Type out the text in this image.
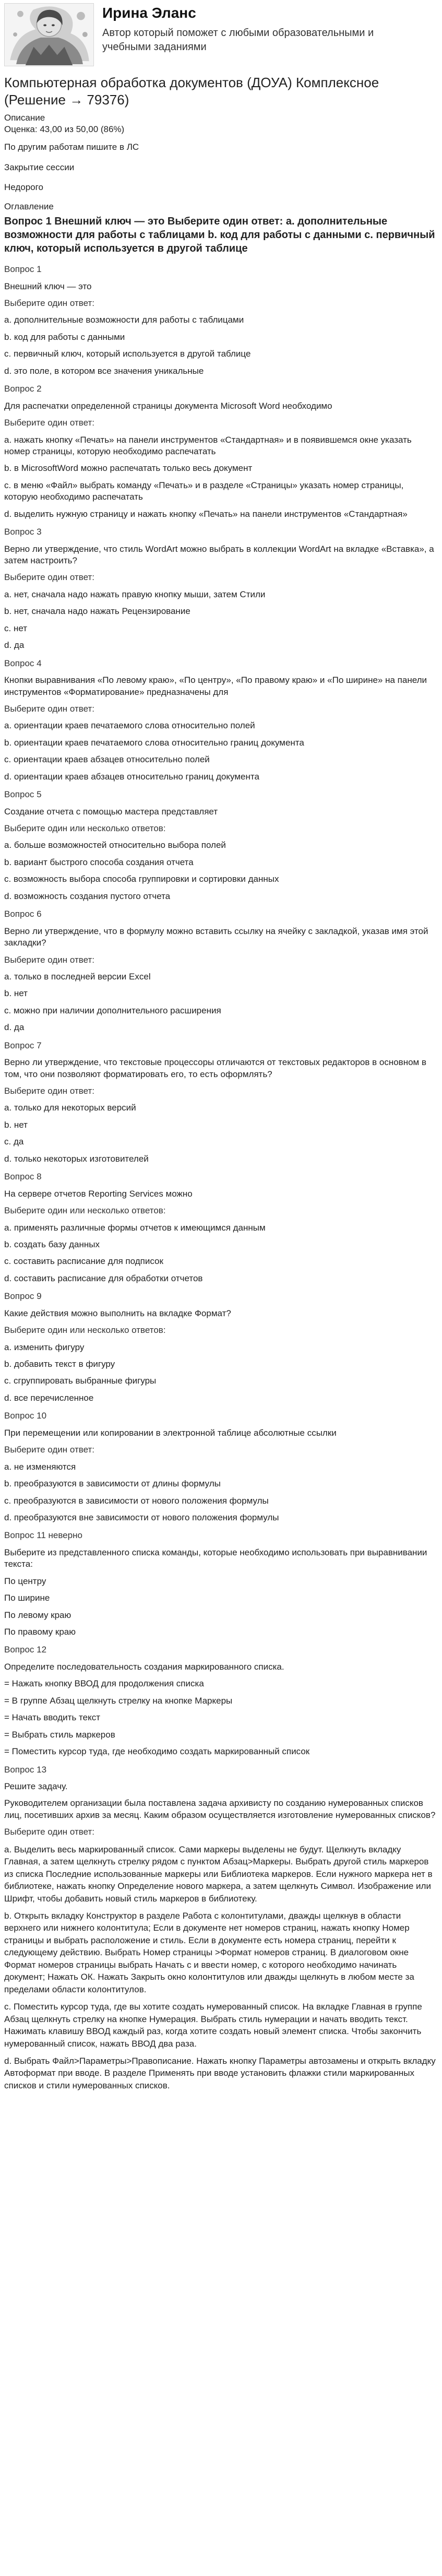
Ирина Эланс
Автор который поможет с любыми образовательными и учебными заданиями
Компьютерная обработка документов (ДОУА) Комплексное (Решение → 79376)
Описание
Оценка: 43,00 из 50,00 (86%)
По другим работам пишите в ЛС
Закрытие сессии
Недорого
Оглавление
Вопрос 1 Внешний ключ — это Выберите один ответ: a. дополнительные возможности для работы с таблицами b. код для работы с данными c. первичный ключ, который используется в другой таблице
Вопрос 1
Внешний ключ — это
Выберите один ответ:
a. дополнительные возможности для работы с таблицами
b. код для работы с данными
c. первичный ключ, который используется в другой таблице
d. это поле, в котором все значения уникальные
Вопрос 2
Для распечатки определенной страницы документа Microsoft Word необходимо
Выберите один ответ:
a. нажать кнопку «Печать» на панели инструментов «Стандартная» и в появившемся окне указать номер страницы, которую необходимо распечатать
b. в MicrosoftWord можно распечатать только весь документ
c. в меню «Файл» выбрать команду «Печать» и в разделе «Страницы» указать номер страницы, которую необходимо распечатать
d. выделить нужную страницу и нажать кнопку «Печать» на панели инструментов «Стандартная»
Вопрос 3
Верно ли утверждение, что стиль WordArt можно выбрать в коллекции WordArt на вкладке «Вставка», а затем настроить?
Выберите один ответ:
a. нет, сначала надо нажать правую кнопку мыши, затем Стили
b. нет, сначала надо нажать Рецензирование
c. нет
d. да
Вопрос 4
Кнопки выравнивания «По левому краю», «По центру», «По правому краю» и «По ширине» на панели инструментов «Форматирование» предназначены для
Выберите один ответ:
a. ориентации краев печатаемого слова относительно полей
b. ориентации краев печатаемого слова относительно границ документа
c. ориентации краев абзацев относительно полей
d. ориентации краев абзацев относительно границ документа
Вопрос 5
Создание отчета с помощью мастера представляет
Выберите один или несколько ответов:
a. больше возможностей относительно выбора полей
b. вариант быстрого способа создания отчета
c. возможность выбора способа группировки и сортировки данных
d. возможность создания пустого отчета
Вопрос 6
Верно ли утверждение, что в формулу можно вставить ссылку на ячейку с закладкой, указав имя этой закладки?
Выберите один ответ:
a. только в последней версии Excel
b. нет
c. можно при наличии дополнительного расширения
d. да
Вопрос 7
Верно ли утверждение, что текстовые процессоры отличаются от текстовых редакторов в основном в том, что они позволяют форматировать его, то есть оформлять?
Выберите один ответ:
a. только для некоторых версий
b. нет
c. да
d. только некоторых изготовителей
Вопрос 8
На сервере отчетов Reporting Services можно
Выберите один или несколько ответов:
a. применять различные формы отчетов к имеющимся данным
b. создать базу данных
c. составить расписание для подписок
d. составить расписание для обработки отчетов
Вопрос 9
Какие действия можно выполнить на вкладке Формат?
Выберите один или несколько ответов:
a. изменить фигуру
b. добавить текст в фигуру
c. сгруппировать выбранные фигуры
d. все перечисленное
Вопрос 10
При перемещении или копировании в электронной таблице абсолютные ссылки
Выберите один ответ:
a. не изменяются
b. преобразуются в зависимости от длины формулы
c. преобразуются в зависимости от нового положения формулы
d. преобразуются вне зависимости от нового положения формулы
Вопрос 11 неверно
Выберите из представленного списка команды, которые необходимо использовать при выравнивании текста:
По центру
По ширине
По левому краю
По правому краю
Вопрос 12
Определите последовательность создания маркированного списка.
= Нажать кнопку ВВОД для продолжения списка
= В группе Абзац щелкнуть стрелку на кнопке Маркеры
= Начать вводить текст
= Выбрать стиль маркеров
= Поместить курсор туда, где необходимо создать маркированный список
Вопрос 13
Решите задачу.
Руководителем организации была поставлена задача архивисту по созданию нумерованных списков лиц, посетивших архив за месяц. Каким образом осуществляется изготовление нумерованных списков?
Выберите один ответ:
a. Выделить весь маркированный список. Сами маркеры выделены не будут. Щелкнуть вкладку Главная, а затем щелкнуть стрелку рядом с пунктом Абзац>Маркеры. Выбрать другой стиль маркеров из списка Последние использованные маркеры или Библиотека маркеров. Если нужного маркера нет в библиотеке, нажать кнопку Определение нового маркера, а затем щелкнуть Символ. Изображение или Шрифт, чтобы добавить новый стиль маркеров в библиотеку.
b. Открыть вкладку Конструктор в разделе Работа с колонтитулами, дважды щелкнув в области верхнего или нижнего колонтитула; Если в документе нет номеров страниц, нажать кнопку Номер страницы и выбрать расположение и стиль. Если в документе есть номера страниц, перейти к следующему действию. Выбрать Номер страницы >Формат номеров страниц. В диалоговом окне Формат номеров страницы выбрать Начать с и ввести номер, с которого необходимо начинать документ; Нажать ОК. Нажать Закрыть окно колонтитулов или дважды щелкнуть в любом месте за пределами области колонтитулов.
c. Поместить курсор туда, где вы хотите создать нумерованный список. На вкладке Главная в группе Абзац щелкнуть стрелку на кнопке Нумерация. Выбрать стиль нумерации и начать вводить текст. Нажимать клавишу ВВОД каждый раз, когда хотите создать новый элемент списка. Чтобы закончить нумерованный список, нажать ВВОД два раза.
d. Выбрать Файл>Параметры>Правописание. Нажать кнопку Параметры автозамены и открыть вкладку Автоформат при вводе. В разделе Применять при вводе установить флажки стили маркированных списков и стили нумерованных списков.
